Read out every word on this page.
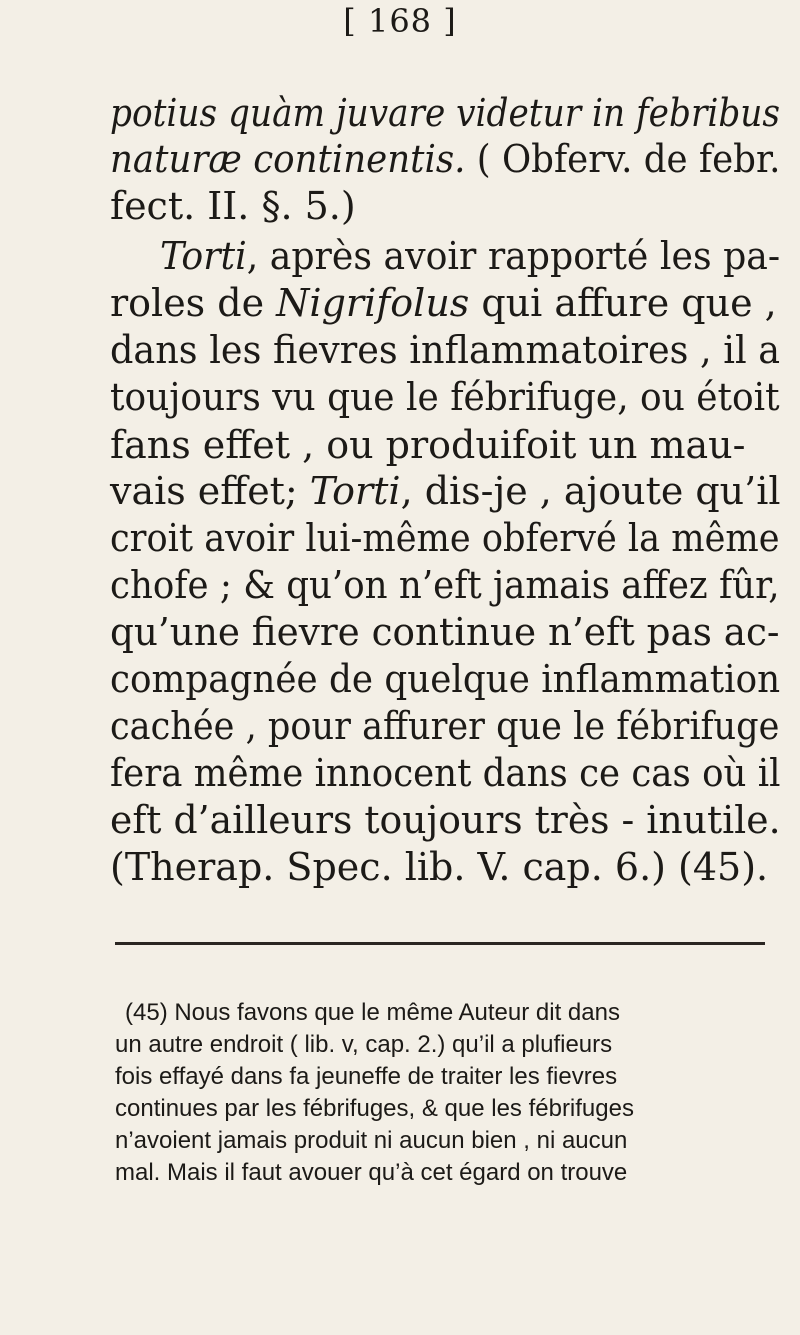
[ 168 ]
potius quàm juvare videtur in febribus
naturæ continentis. ( Obferv. de febr.
fect. II. §. 5.)
Torti, après avoir rapporté les pa-
roles de Nigrifolus qui affure que ,
dans les fievres inflammatoires , il a
toujours vu que le fébrifuge, ou étoit
fans effet , ou produifoit un mau-
vais effet; Torti, dis-je , ajoute qu’il
croit avoir lui-même obfervé la même
chofe ; & qu’on n’eft jamais affez fûr,
qu’une fievre continue n’eft pas ac-
compagnée de quelque inflammation
cachée , pour affurer que le fébrifuge
fera même innocent dans ce cas où il
eft d’ailleurs toujours très - inutile.
(Therap. Spec. lib. V. cap. 6.) (45).
(45) Nous favons que le même Auteur dit dans
un autre endroit ( lib. v, cap. 2.) qu’il a plufieurs
fois effayé dans fa jeuneffe de traiter les fievres
continues par les fébrifuges, & que les fébrifuges
n’avoient jamais produit ni aucun bien , ni aucun
mal. Mais il faut avouer qu’à cet égard on trouve
